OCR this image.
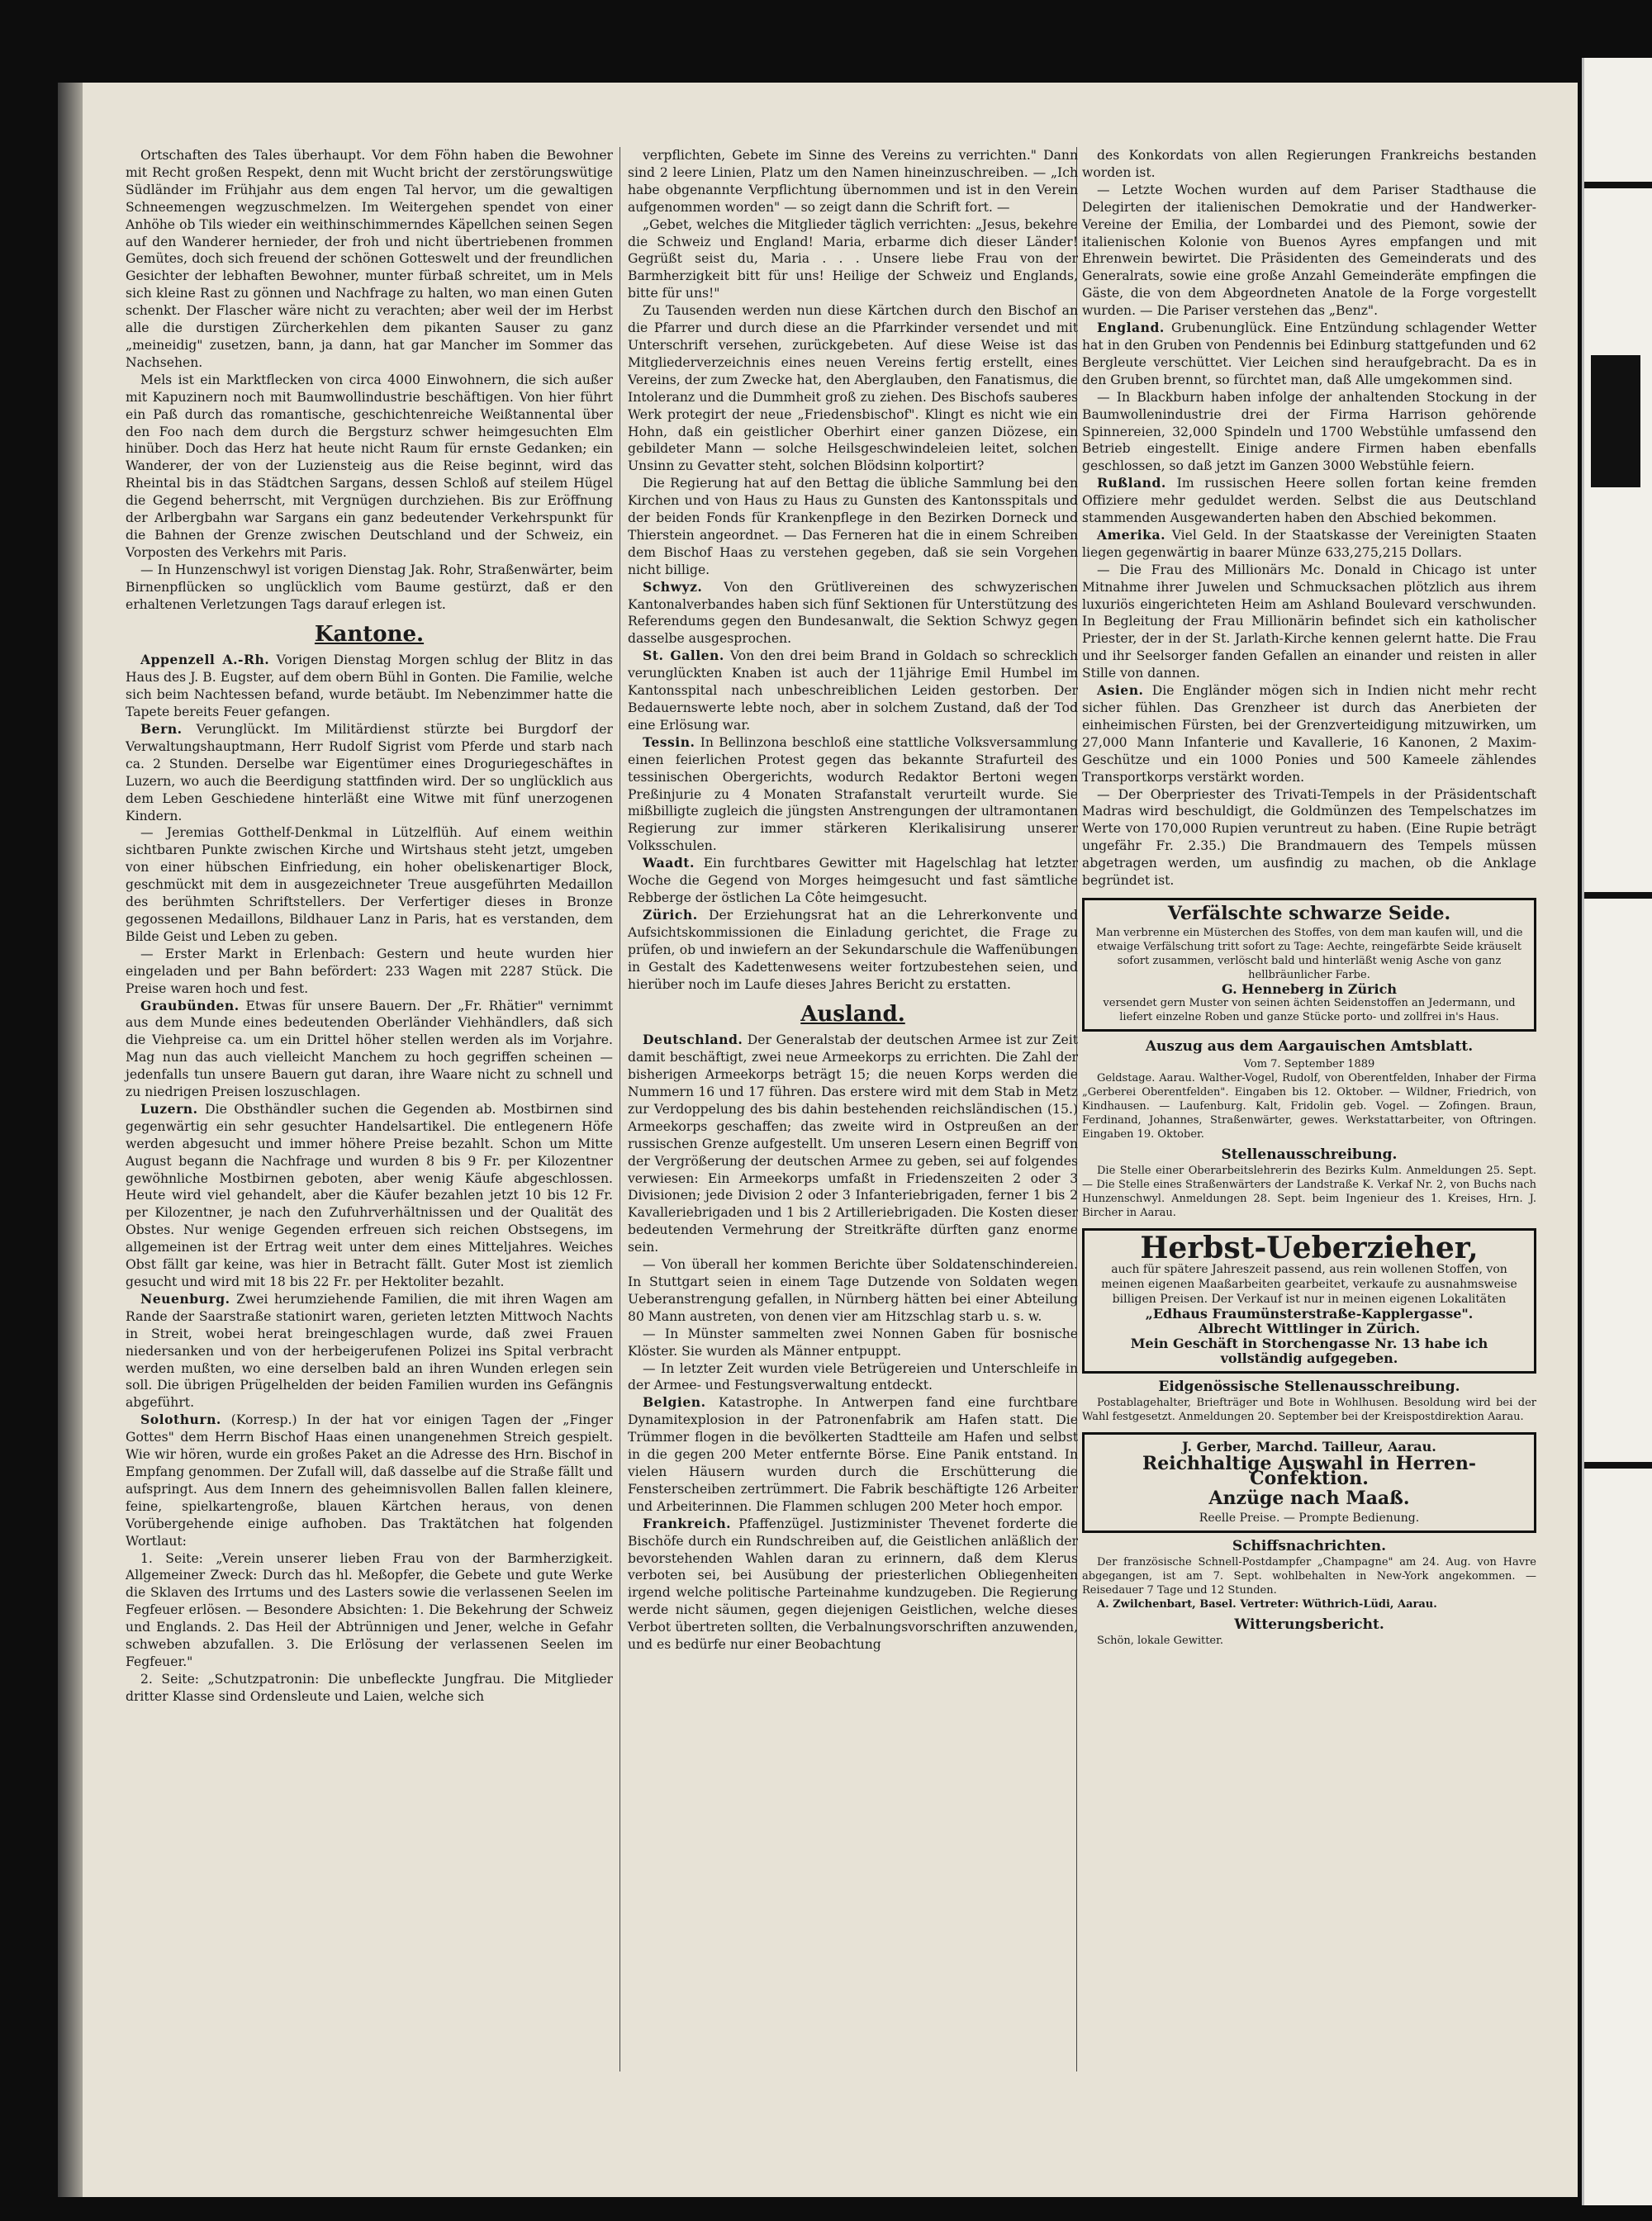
Ortschaften des Tales überhaupt. Vor dem Föhn haben die Bewohner mit Recht großen Respekt, denn mit Wucht bricht der zerstörungswütige Südländer im Frühjahr aus dem engen Tal hervor, um die gewaltigen Schneemengen wegzuschmelzen. Im Weitergehen spendet von einer Anhöhe ob Tils wieder ein weithinschimmerndes Käpellchen seinen Segen auf den Wanderer hernieder, der froh und nicht übertriebenen frommen Gemütes, doch sich freuend der schönen Gotteswelt und der freundlichen Gesichter der lebhaften Bewohner, munter fürbaß schreitet, um in Mels sich kleine Rast zu gönnen und Nachfrage zu halten, wo man einen Guten schenkt. Der Flascher wäre nicht zu verachten; aber weil der im Herbst alle die durstigen Zürcherkehlen dem pikanten Sauser zu ganz „meineidig" zusetzen, bann, ja dann, hat gar Mancher im Sommer das Nachsehen.

Mels ist ein Marktflecken von circa 4000 Einwohnern, die sich außer mit Kapuzinern noch mit Baumwollindustrie beschäftigen. Von hier führt ein Paß durch das romantische, geschichtenreiche Weißtannental über den Foo nach dem durch die Bergsturz schwer heimgesuchten Elm hinüber. Doch das Herz hat heute nicht Raum für ernste Gedanken; ein Wanderer, der von der Luziensteig aus die Reise beginnt, wird das Rheintal bis in das Städtchen Sargans, dessen Schloß auf steilem Hügel die Gegend beherrscht, mit Vergnügen durchziehen. Bis zur Eröffnung der Arlbergbahn war Sargans ein ganz bedeutender Verkehrspunkt für die Bahnen der Grenze zwischen Deutschland und der Schweiz, ein Vorposten des Verkehrs mit Paris.

— In Hunzenschwyl ist vorigen Dienstag Jak. Rohr, Straßenwärter, beim Birnenpflücken so unglücklich vom Baume gestürzt, daß er den erhaltenen Verletzungen Tags darauf erlegen ist.

Kantone.

Appenzell A.-Rh. Vorigen Dienstag Morgen schlug der Blitz in das Haus des J. B. Eugster, auf dem obern Bühl in Gonten. Die Familie, welche sich beim Nachtessen befand, wurde betäubt. Im Nebenzimmer hatte die Tapete bereits Feuer gefangen.

Bern. Verunglückt. Im Militärdienst stürzte bei Burgdorf der Verwaltungshauptmann, Herr Rudolf Sigrist vom Pferde und starb nach ca. 2 Stunden. Derselbe war Eigentümer eines Droguriegeschäftes in Luzern, wo auch die Beerdigung stattfinden wird. Der so unglücklich aus dem Leben Geschiedene hinterläßt eine Witwe mit fünf unerzogenen Kindern.

— Jeremias Gotthelf-Denkmal in Lützelflüh. Auf einem weithin sichtbaren Punkte zwischen Kirche und Wirtshaus steht jetzt, umgeben von einer hübschen Einfriedung, ein hoher obeliskenartiger Block, geschmückt mit dem in ausgezeichneter Treue ausgeführten Medaillon des berühmten Schriftstellers. Der Verfertiger dieses in Bronze gegossenen Medaillons, Bildhauer Lanz in Paris, hat es verstanden, dem Bilde Geist und Leben zu geben.

— Erster Markt in Erlenbach: Gestern und heute wurden hier eingeladen und per Bahn befördert: 233 Wagen mit 2287 Stück. Die Preise waren hoch und fest.

Graubünden. Etwas für unsere Bauern. Der „Fr. Rhätier" vernimmt aus dem Munde eines bedeutenden Oberländer Viehhändlers, daß sich die Viehpreise ca. um ein Drittel höher stellen werden als im Vorjahre. Mag nun das auch vielleicht Manchem zu hoch gegriffen scheinen — jedenfalls tun unsere Bauern gut daran, ihre Waare nicht zu schnell und zu niedrigen Preisen loszuschlagen.

Luzern. Die Obsthändler suchen die Gegenden ab. Mostbirnen sind gegenwärtig ein sehr gesuchter Handelsartikel. Die entlegenern Höfe werden abgesucht und immer höhere Preise bezahlt. Schon um Mitte August begann die Nachfrage und wurden 8 bis 9 Fr. per Kilozentner gewöhnliche Mostbirnen geboten, aber wenig Käufe abgeschlossen. Heute wird viel gehandelt, aber die Käufer bezahlen jetzt 10 bis 12 Fr. per Kilozentner, je nach den Zufuhrverhältnissen und der Qualität des Obstes. Nur wenige Gegenden erfreuen sich reichen Obstsegens, im allgemeinen ist der Ertrag weit unter dem eines Mitteljahres. Weiches Obst fällt gar keine, was hier in Betracht fällt. Guter Most ist ziemlich gesucht und wird mit 18 bis 22 Fr. per Hektoliter bezahlt.

Neuenburg. Zwei herumziehende Familien, die mit ihren Wagen am Rande der Saarstraße stationirt waren, gerieten letzten Mittwoch Nachts in Streit, wobei herat breingeschlagen wurde, daß zwei Frauen niedersanken und von der herbeigerufenen Polizei ins Spital verbracht werden mußten, wo eine derselben bald an ihren Wunden erlegen sein soll. Die übrigen Prügelhelden der beiden Familien wurden ins Gefängnis abgeführt.

Solothurn. (Korresp.) In der hat vor einigen Tagen der „Finger Gottes" dem Herrn Bischof Haas einen unangenehmen Streich gespielt. Wie wir hören, wurde ein großes Paket an die Adresse des Hrn. Bischof in Empfang genommen. Der Zufall will, daß dasselbe auf die Straße fällt und aufspringt. Aus dem Innern des geheimnisvollen Ballen fallen kleinere, feine, spielkartengroße, blauen Kärtchen heraus, von denen Vorübergehende einige aufhoben. Das Traktätchen hat folgenden Wortlaut:

1. Seite: „Verein unserer lieben Frau von der Barmherzigkeit. Allgemeiner Zweck: Durch das hl. Meßopfer, die Gebete und gute Werke die Sklaven des Irrtums und des Lasters sowie die verlassenen Seelen im Fegfeuer erlösen. — Besondere Absichten: 1. Die Bekehrung der Schweiz und Englands. 2. Das Heil der Abtrünnigen und Jener, welche in Gefahr schweben abzufallen. 3. Die Erlösung der verlassenen Seelen im Fegfeuer."

2. Seite: „Schutzpatronin: Die unbefleckte Jungfrau. Die Mitglieder dritter Klasse sind Ordensleute und Laien, welche sich

verpflichten, Gebete im Sinne des Vereins zu verrichten." Dann sind 2 leere Linien, Platz um den Namen hineinzuschreiben. — „Ich habe obgenannte Verpflichtung übernommen und ist in den Verein aufgenommen worden" — so zeigt dann die Schrift fort. —

„Gebet, welches die Mitglieder täglich verrichten: „Jesus, bekehre die Schweiz und England! Maria, erbarme dich dieser Länder! Gegrüßt seist du, Maria . . . Unsere liebe Frau von der Barmherzigkeit bitt für uns! Heilige der Schweiz und Englands, bitte für uns!"

Zu Tausenden werden nun diese Kärtchen durch den Bischof an die Pfarrer und durch diese an die Pfarrkinder versendet und mit Unterschrift versehen, zurückgebeten. Auf diese Weise ist das Mitgliederverzeichnis eines neuen Vereins fertig erstellt, eines Vereins, der zum Zwecke hat, den Aberglauben, den Fanatismus, die Intoleranz und die Dummheit groß zu ziehen. Des Bischofs sauberes Werk protegirt der neue „Friedensbischof". Klingt es nicht wie ein Hohn, daß ein geistlicher Oberhirt einer ganzen Diözese, ein gebildeter Mann — solche Heilsgeschwindeleien leitet, solchen Unsinn zu Gevatter steht, solchen Blödsinn kolportirt?

Die Regierung hat auf den Bettag die übliche Sammlung bei den Kirchen und von Haus zu Haus zu Gunsten des Kantonsspitals und der beiden Fonds für Krankenpflege in den Bezirken Dorneck und Thierstein angeordnet. — Das Ferneren hat die in einem Schreiben dem Bischof Haas zu verstehen gegeben, daß sie sein Vorgehen nicht billige.

Schwyz. Von den Grütlivereinen des schwyzerischen Kantonalverbandes haben sich fünf Sektionen für Unterstützung des Referendums gegen den Bundesanwalt, die Sektion Schwyz gegen dasselbe ausgesprochen.

St. Gallen. Von den drei beim Brand in Goldach so schrecklich verunglückten Knaben ist auch der 11jährige Emil Humbel im Kantonsspital nach unbeschreiblichen Leiden gestorben. Der Bedauernswerte lebte noch, aber in solchem Zustand, daß der Tod eine Erlösung war.

Tessin. In Bellinzona beschloß eine stattliche Volksversammlung einen feierlichen Protest gegen das bekannte Strafurteil des tessinischen Obergerichts, wodurch Redaktor Bertoni wegen Preßinjurie zu 4 Monaten Strafanstalt verurteilt wurde. Sie mißbilligte zugleich die jüngsten Anstrengungen der ultramontanen Regierung zur immer stärkeren Klerikalisirung unserer Volksschulen.

Waadt. Ein furchtbares Gewitter mit Hagelschlag hat letzter Woche die Gegend von Morges heimgesucht und fast sämtliche Rebberge der östlichen La Côte heimgesucht.

Zürich. Der Erziehungsrat hat an die Lehrerkonvente und Aufsichtskommissionen die Einladung gerichtet, die Frage zu prüfen, ob und inwiefern an der Sekundarschule die Waffenübungen in Gestalt des Kadettenwesens weiter fortzubestehen seien, und hierüber noch im Laufe dieses Jahres Bericht zu erstatten.

Ausland.

Deutschland. Der Generalstab der deutschen Armee ist zur Zeit damit beschäftigt, zwei neue Armeekorps zu errichten. Die Zahl der bisherigen Armeekorps beträgt 15; die neuen Korps werden die Nummern 16 und 17 führen. Das erstere wird mit dem Stab in Metz zur Verdoppelung des bis dahin bestehenden reichsländischen (15.) Armeekorps geschaffen; das zweite wird in Ostpreußen an der russischen Grenze aufgestellt. Um unseren Lesern einen Begriff von der Vergrößerung der deutschen Armee zu geben, sei auf folgendes verwiesen: Ein Armeekorps umfaßt in Friedenszeiten 2 oder 3 Divisionen; jede Division 2 oder 3 Infanteriebrigaden, ferner 1 bis 2 Kavalleriebrigaden und 1 bis 2 Artilleriebrigaden. Die Kosten dieser bedeutenden Vermehrung der Streitkräfte dürften ganz enorme sein.

— Von überall her kommen Berichte über Soldatenschindereien. In Stuttgart seien in einem Tage Dutzende von Soldaten wegen Ueberanstrengung gefallen, in Nürnberg hätten bei einer Abteilung 80 Mann austreten, von denen vier am Hitzschlag starb u. s. w.

— In Münster sammelten zwei Nonnen Gaben für bosnische Klöster. Sie wurden als Männer entpuppt.

— In letzter Zeit wurden viele Betrügereien und Unterschleife in der Armee- und Festungsverwaltung entdeckt.

Belgien. Katastrophe. In Antwerpen fand eine furchtbare Dynamitexplosion in der Patronenfabrik am Hafen statt. Die Trümmer flogen in die bevölkerten Stadtteile am Hafen und selbst in die gegen 200 Meter entfernte Börse. Eine Panik entstand. In vielen Häusern wurden durch die Erschütterung die Fensterscheiben zertrümmert. Die Fabrik beschäftigte 126 Arbeiter und Arbeiterinnen. Die Flammen schlugen 200 Meter hoch empor.

Frankreich. Pfaffenzügel. Justizminister Thevenet forderte die Bischöfe durch ein Rundschreiben auf, die Geistlichen anläßlich der bevorstehenden Wahlen daran zu erinnern, daß dem Klerus verboten sei, bei Ausübung der priesterlichen Obliegenheiten irgend welche politische Parteinahme kundzugeben. Die Regierung werde nicht säumen, gegen diejenigen Geistlichen, welche dieses Verbot übertreten sollten, die Verbalnungsvorschriften anzuwenden, und es bedürfe nur einer Beobachtung

des Konkordats von allen Regierungen Frankreichs bestanden worden ist.

— Letzte Wochen wurden auf dem Pariser Stadthause die Delegirten der italienischen Demokratie und der Handwerker-Vereine der Emilia, der Lombardei und des Piemont, sowie der italienischen Kolonie von Buenos Ayres empfangen und mit Ehrenwein bewirtet. Die Präsidenten des Gemeinderats und des Generalrats, sowie eine große Anzahl Gemeinderäte empfingen die Gäste, die von dem Abgeordneten Anatole de la Forge vorgestellt wurden. — Die Pariser verstehen das „Benz".

England. Grubenunglück. Eine Entzündung schlagender Wetter hat in den Gruben von Pendennis bei Edinburg stattgefunden und 62 Bergleute verschüttet. Vier Leichen sind heraufgebracht. Da es in den Gruben brennt, so fürchtet man, daß Alle umgekommen sind.

— In Blackburn haben infolge der anhaltenden Stockung in der Baumwollenindustrie drei der Firma Harrison gehörende Spinnereien, 32,000 Spindeln und 1700 Webstühle umfassend den Betrieb eingestellt. Einige andere Firmen haben ebenfalls geschlossen, so daß jetzt im Ganzen 3000 Webstühle feiern.

Rußland. Im russischen Heere sollen fortan keine fremden Offiziere mehr geduldet werden. Selbst die aus Deutschland stammenden Ausgewanderten haben den Abschied bekommen.

Amerika. Viel Geld. In der Staatskasse der Vereinigten Staaten liegen gegenwärtig in baarer Münze 633,275,215 Dollars.

— Die Frau des Millionärs Mc. Donald in Chicago ist unter Mitnahme ihrer Juwelen und Schmucksachen plötzlich aus ihrem luxuriös eingerichteten Heim am Ashland Boulevard verschwunden. In Begleitung der Frau Millionärin befindet sich ein katholischer Priester, der in der St. Jarlath-Kirche kennen gelernt hatte. Die Frau und ihr Seelsorger fanden Gefallen an einander und reisten in aller Stille von dannen.

Asien. Die Engländer mögen sich in Indien nicht mehr recht sicher fühlen. Das Grenzheer ist durch das Anerbieten der einheimischen Fürsten, bei der Grenzverteidigung mitzuwirken, um 27,000 Mann Infanterie und Kavallerie, 16 Kanonen, 2 Maxim-Geschütze und ein 1000 Ponies und 500 Kameele zählendes Transportkorps verstärkt worden.

— Der Oberpriester des Trivati-Tempels in der Präsidentschaft Madras wird beschuldigt, die Goldmünzen des Tempelschatzes im Werte von 170,000 Rupien veruntreut zu haben. (Eine Rupie beträgt ungefähr Fr. 2.35.) Die Brandmauern des Tempels müssen abgetragen werden, um ausfindig zu machen, ob die Anklage begründet ist.

Verfälschte schwarze Seide.
Man verbrenne ein Müsterchen des Stoffes, von dem man kaufen will, und die etwaige Verfälschung tritt sofort zu Tage: Aechte, reingefärbte Seide kräuselt sofort zusammen, verlöscht bald und hinterläßt wenig Asche von ganz hellbräunlicher Farbe.
G. Henneberg in Zürich
versendet gern Muster von seinen ächten Seidenstoffen an Jedermann, und liefert einzelne Roben und ganze Stücke porto- und zollfrei in's Haus.
Auszug aus dem Aargauischen Amtsblatt.
Vom 7. September 1889

Geldstage. Aarau. Walther-Vogel, Rudolf, von Oberentfelden, Inhaber der Firma „Gerberei Oberentfelden". Eingaben bis 12. Oktober. — Wildner, Friedrich, von Kindhausen. — Laufenburg. Kalt, Fridolin geb. Vogel. — Zofingen. Braun, Ferdinand, Johannes, Straßenwärter, gewes. Werkstattarbeiter, von Oftringen. Eingaben 19. Oktober.

Stellenausschreibung.

Die Stelle einer Oberarbeitslehrerin des Bezirks Kulm. Anmeldungen 25. Sept. — Die Stelle eines Straßenwärters der Landstraße K. Verkaf Nr. 2, von Buchs nach Hunzenschwyl. Anmeldungen 28. Sept. beim Ingenieur des 1. Kreises, Hrn. J. Bircher in Aarau.

Herbst-Ueberzieher,
auch für spätere Jahreszeit passend, aus rein wollenen Stoffen, von meinen eigenen Maaßarbeiten gearbeitet, verkaufe zu ausnahmsweise billigen Preisen. Der Verkauf ist nur in meinen eigenen Lokalitäten
„Edhaus Fraumünsterstraße-Kapplergasse".
Albrecht Wittlinger in Zürich.
Mein Geschäft in Storchengasse Nr. 13 habe ich vollständig aufgegeben.
Eidgenössische Stellenausschreibung.

Postablagehalter, Briefträger und Bote in Wohlhusen. Besoldung wird bei der Wahl festgesetzt. Anmeldungen 20. September bei der Kreispostdirektion Aarau.

J. Gerber, Marchd. Tailleur, Aarau.
Reichhaltige Auswahl in Herren-Confektion.
Anzüge nach Maaß.
Reelle Preise. — Prompte Bedienung.
Schiffsnachrichten.

Der französische Schnell-Postdampfer „Champagne" am 24. Aug. von Havre abgegangen, ist am 7. Sept. wohlbehalten in New-York angekommen. — Reisedauer 7 Tage und 12 Stunden.

A. Zwilchenbart, Basel. Vertreter: Wüthrich-Lüdi, Aarau.

Witterungsbericht.

Schön, lokale Gewitter.
